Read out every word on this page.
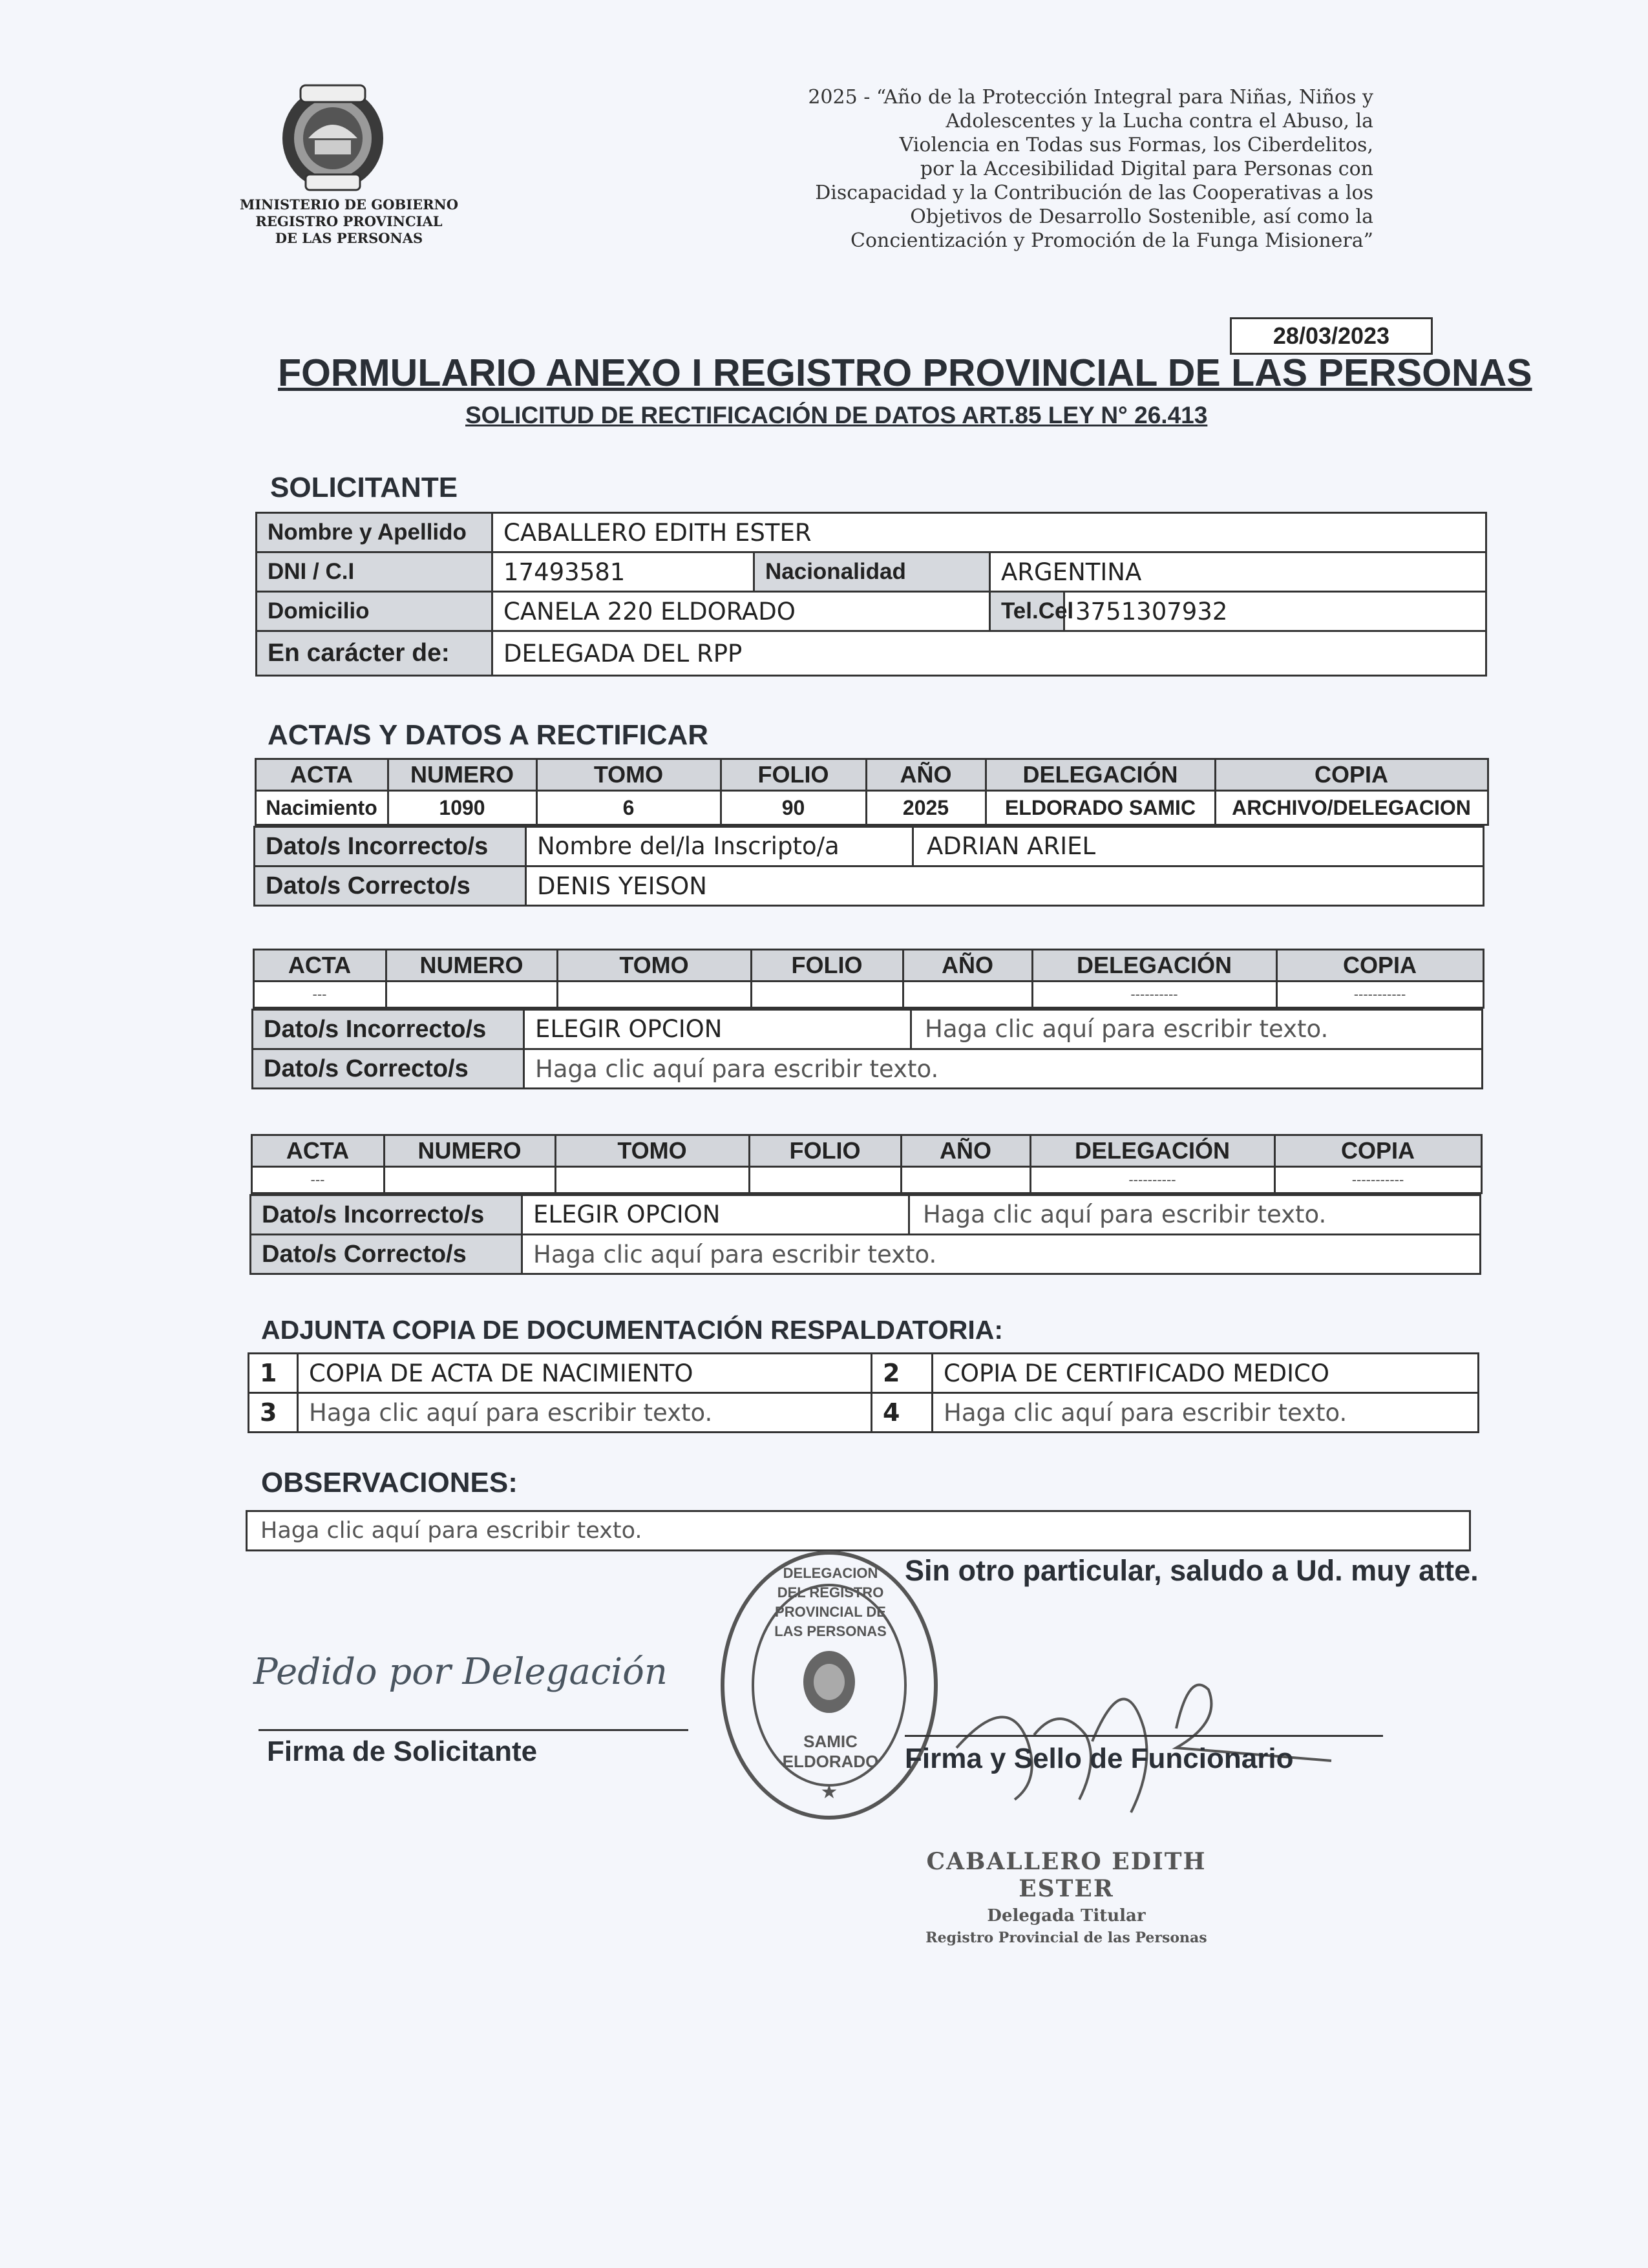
MINISTERIO DE GOBIERNO
REGISTRO PROVINCIAL
DE LAS PERSONAS
2025 - “Año de la Protección Integral para Niñas, Niños y
Adolescentes y la Lucha contra el Abuso, la
Violencia en Todas sus Formas, los Ciberdelitos,
por la Accesibilidad Digital para Personas con
Discapacidad y la Contribución de las Cooperativas a los
Objetivos de Desarrollo Sostenible, así como la
Concientización y Promoción de la Funga Misionera”
28/03/2023
FORMULARIO ANEXO I REGISTRO PROVINCIAL DE LAS PERSONAS
SOLICITUD DE RECTIFICACIÓN DE DATOS ART.85 LEY N° 26.413
SOLICITANTE
Nombre y Apellido	CABALLERO EDITH ESTER			
DNI / C.I	17493581	Nacionalidad	ARGENTINA	
Domicilio	CANELA 220 ELDORADO		Tel.Cel	3751307932
En carácter de:	DELEGADA DEL RPP			
ACTA/S Y DATOS A RECTIFICAR
ACTA	NUMERO	TOMO	FOLIO	AÑO	DELEGACIÓN	COPIA
Nacimiento	1090	6	90	2025	ELDORADO SAMIC	ARCHIVO/DELEGACION

Dato/s Incorrecto/s	Nombre del/la Inscripto/a	ADRIAN ARIEL

Dato/s Correcto/s	DENIS YEISON
ACTA	NUMERO	TOMO	FOLIO	AÑO	DELEGACIÓN	COPIA
---					----------	-----------

Dato/s Incorrecto/s	ELEGIR OPCION	Haga clic aquí para escribir texto.

Dato/s Correcto/s	Haga clic aquí para escribir texto.
ACTA	NUMERO	TOMO	FOLIO	AÑO	DELEGACIÓN	COPIA
---					----------	-----------

Dato/s Incorrecto/s	ELEGIR OPCION	Haga clic aquí para escribir texto.

Dato/s Correcto/s	Haga clic aquí para escribir texto.
ADJUNTA COPIA DE DOCUMENTACIÓN RESPALDATORIA:
1	COPIA DE ACTA DE NACIMIENTO	2	COPIA DE CERTIFICADO MEDICO
3	Haga clic aquí para escribir texto.	4	Haga clic aquí para escribir texto.
OBSERVACIONES:
Haga clic aquí para escribir texto.
Sin otro particular, saludo a Ud. muy atte.
★
DELEGACION DEL REGISTRO PROVINCIAL DE LAS PERSONAS
SAMIC ELDORADO
Pedido por Delegación
Firma de Solicitante	Firma y Sello de Funcionario
CABALLERO EDITH ESTER
Delegada Titular
Registro Provincial de las Personas
